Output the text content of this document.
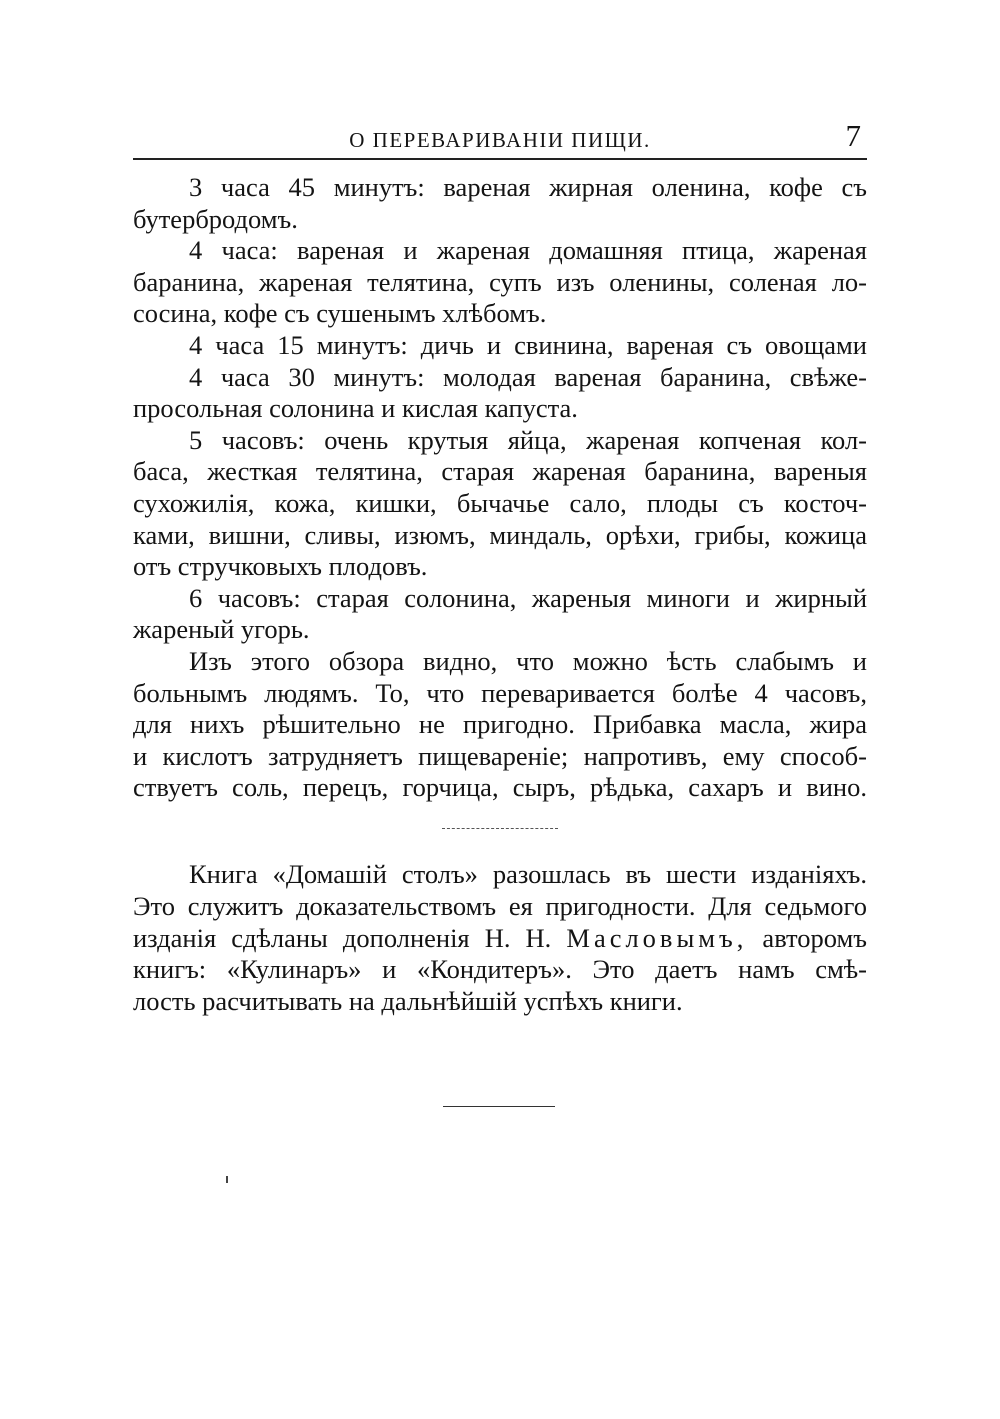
О ПЕРЕВАРИВАНІИ ПИЩИ.	7

3 часа 45 минутъ: вареная жирная оленина, кофе съ
бутербродомъ.

4 часа: вареная и жареная домашняя птица, жареная
баранина, жареная телятина, супъ изъ оленины, соленая ло-
сосина, кофе съ сушенымъ хлѣбомъ.

4 часа 15 минутъ: дичь и свинина, вареная съ овощами

4 часа 30 минутъ: молодая вареная баранина, свѣже-
просольная солонина и кислая капуста.

5 часовъ: очень крутыя яйца, жареная копченая кол-
баса, жесткая телятина, старая жареная баранина, вареныя
сухожилія, кожа, кишки, бычачье сало, плоды съ косточ-
ками, вишни, сливы, изюмъ, миндаль, орѣхи, грибы, кожица
отъ стручковыхъ плодовъ.

6 часовъ: старая солонина, жареныя миноги и жирный
жареный угорь.

Изъ этого обзора видно, что можно ѣсть слабымъ и
больнымъ людямъ. То, что переваривается болѣе 4 часовъ,
для нихъ рѣшительно не пригодно. Прибавка масла, жира
и кислотъ затрудняетъ пищевареніе; напротивъ, ему способ-
ствуетъ соль, перецъ, горчица, сыръ, рѣдька, сахаръ и вино.

Книга «Домашій столъ» разошлась въ шести изданіяхъ.
Это служитъ доказательствомъ ея пригодности. Для седьмого
изданія сдѣланы дополненія Н. Н. Масловымъ, авторомъ
книгъ: «Кулинаръ» и «Кондитеръ». Это даетъ намъ смѣ-
лость расчитывать на дальнѣйшій успѣхъ книги.
